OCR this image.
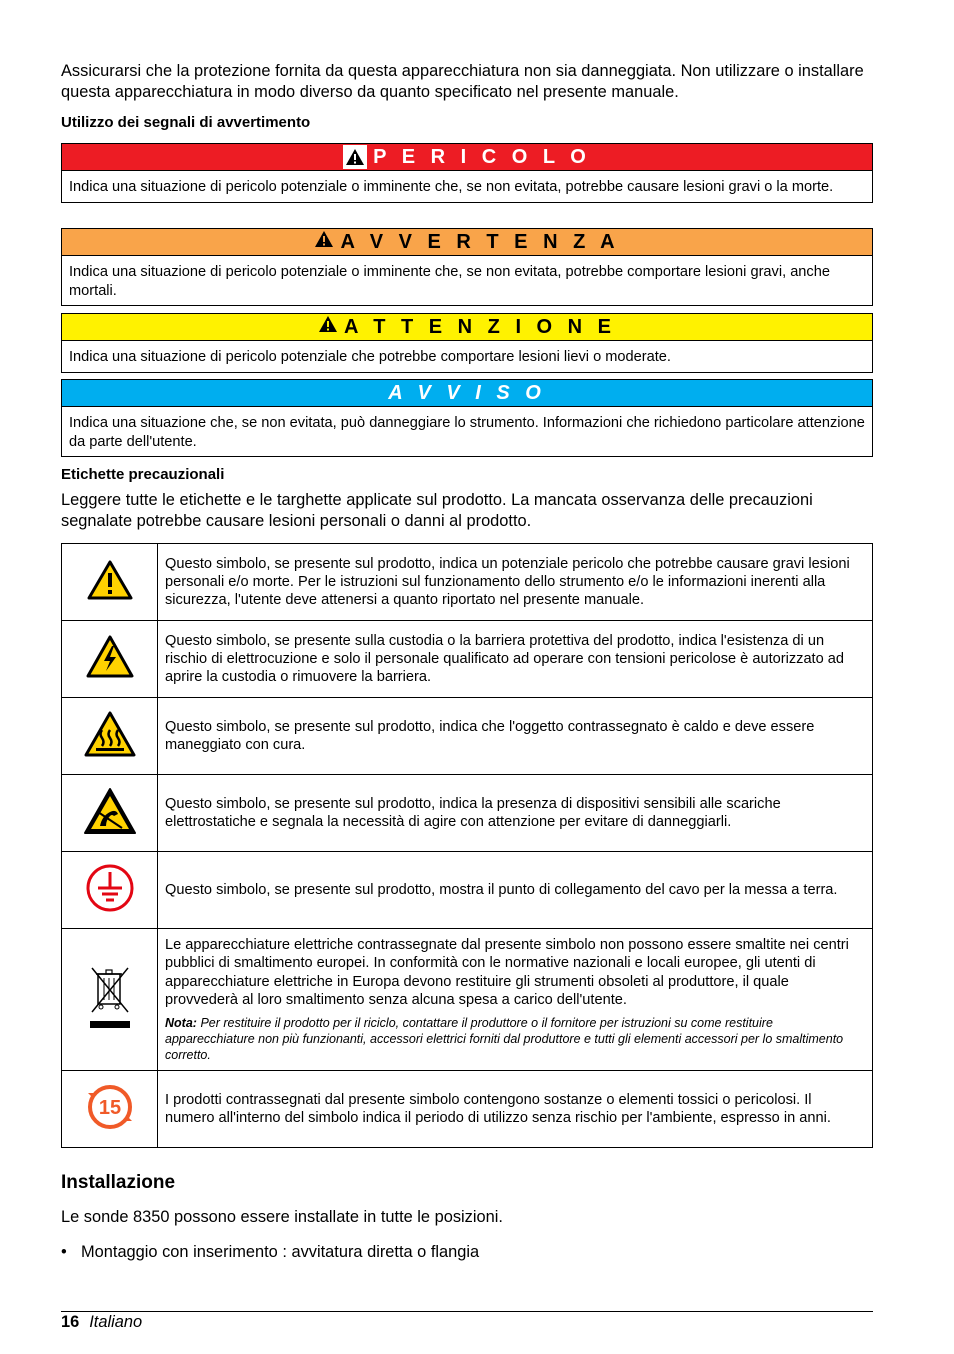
Assicurarsi che la protezione fornita da questa apparecchiatura non sia danneggiata. Non utilizzare o installare questa apparecchiatura in modo diverso da quanto specificato nel presente manuale.

Utilizzo dei segnali di avvertimento

P E R I C O L O
Indica una situazione di pericolo potenziale o imminente che, se non evitata, potrebbe causare lesioni gravi o la morte.
A V V E R T E N Z A
Indica una situazione di pericolo potenziale o imminente che, se non evitata, potrebbe comportare lesioni gravi, anche mortali.
A T T E N Z I O N E
Indica una situazione di pericolo potenziale che potrebbe comportare lesioni lievi o moderate.
A V V I S O
Indica una situazione che, se non evitata, può danneggiare lo strumento. Informazioni che richiedono particolare attenzione da parte dell'utente.

Etichette precauzionali

Leggere tutte le etichette e le targhette applicate sul prodotto. La mancata osservanza delle precauzioni segnalate potrebbe causare lesioni personali o danni al prodotto.

	Questo simbolo, se presente sul prodotto, indica un potenziale pericolo che potrebbe causare gravi lesioni personali e/o morte. Per le istruzioni sul funzionamento dello strumento e/o le informazioni inerenti alla sicurezza, l'utente deve attenersi a quanto riportato nel presente manuale.
	Questo simbolo, se presente sulla custodia o la barriera protettiva del prodotto, indica l'esistenza di un rischio di elettrocuzione e solo il personale qualificato ad operare con tensioni pericolose è autorizzato ad aprire la custodia o rimuovere la barriera.
	Questo simbolo, se presente sul prodotto, indica che l'oggetto contrassegnato è caldo e deve essere maneggiato con cura.
	Questo simbolo, se presente sul prodotto, indica la presenza di dispositivi sensibili alle scariche elettrostatiche e segnala la necessità di agire con attenzione per evitare di danneggiarli.
	Questo simbolo, se presente sul prodotto, mostra il punto di collegamento del cavo per la messa a terra.

Le apparecchiature elettriche contrassegnate dal presente simbolo non possono essere smaltite nei centri pubblici di smaltimento europei. In conformità con le normative nazionali e locali europee, gli utenti di apparecchiature elettriche in Europa devono restituire gli strumenti obsoleti al produttore, il quale provvederà al loro smaltimento senza alcuna spesa a carico dell'utente.
Nota: Per restituire il prodotto per il riciclo, contattare il produttore o il fornitore per istruzioni su come restituire apparecchiature non più funzionanti, accessori elettrici forniti dal produttore e tutti gli elementi accessori per lo smaltimento corretto.

15	I prodotti contrassegnati dal presente simbolo contengono sostanze o elementi tossici o pericolosi. Il numero all'interno del simbolo indica il periodo di utilizzo senza rischio per l'ambiente, espresso in anni.

Installazione

Le sonde 8350 possono essere installate in tutte le posizioni.

• Montaggio con inserimento : avvitatura diretta o flangia

16 Italiano
